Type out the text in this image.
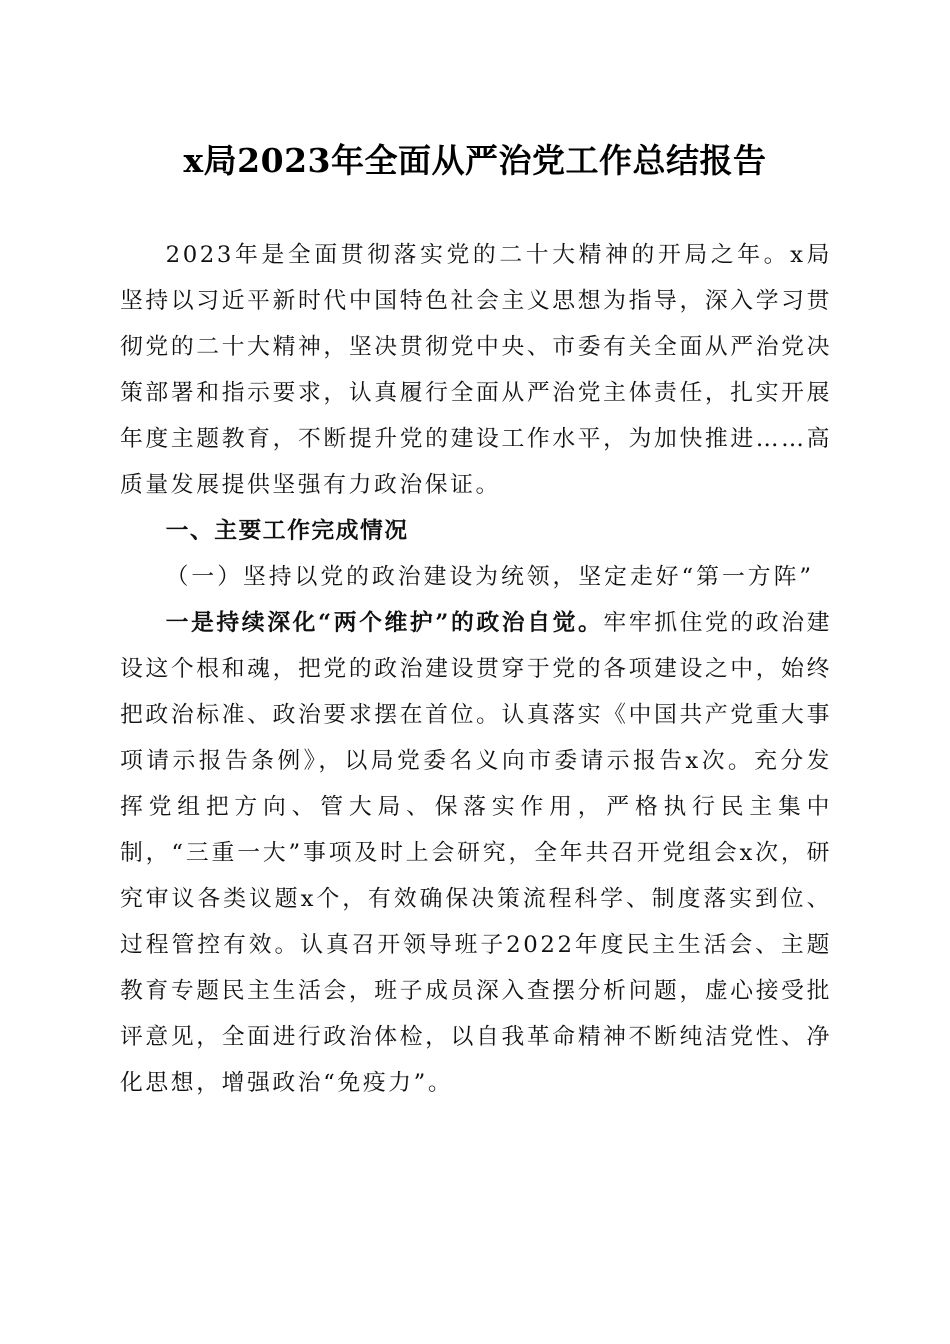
x局2023年全面从严治党工作总结报告

2023年是全面贯彻落实党的二十大精神的开局之年。x局坚持以习近平新时代中国特色社会主义思想为指导，深入学习贯彻党的二十大精神，坚决贯彻党中央、市委有关全面从严治党决策部署和指示要求，认真履行全面从严治党主体责任，扎实开展年度主题教育，不断提升党的建设工作水平，为加快推进……高质量发展提供坚强有力政治保证。

一、主要工作完成情况

（一）坚持以党的政治建设为统领，坚定走好“第一方阵”

一是持续深化“两个维护”的政治自觉。牢牢抓住党的政治建设这个根和魂，把党的政治建设贯穿于党的各项建设之中，始终把政治标准、政治要求摆在首位。认真落实《中国共产党重大事项请示报告条例》，以局党委名义向市委请示报告x次。充分发挥党组把方向、管大局、保落实作用，严格执行民主集中制，“三重一大”事项及时上会研究，全年共召开党组会x次，研究审议各类议题x个，有效确保决策流程科学、制度落实到位、过程管控有效。认真召开领导班子2022年度民主生活会、主题教育专题民主生活会，班子成员深入查摆分析问题，虚心接受批评意见，全面进行政治体检，以自我革命精神不断纯洁党性、净化思想，增强政治“免疫力”。
